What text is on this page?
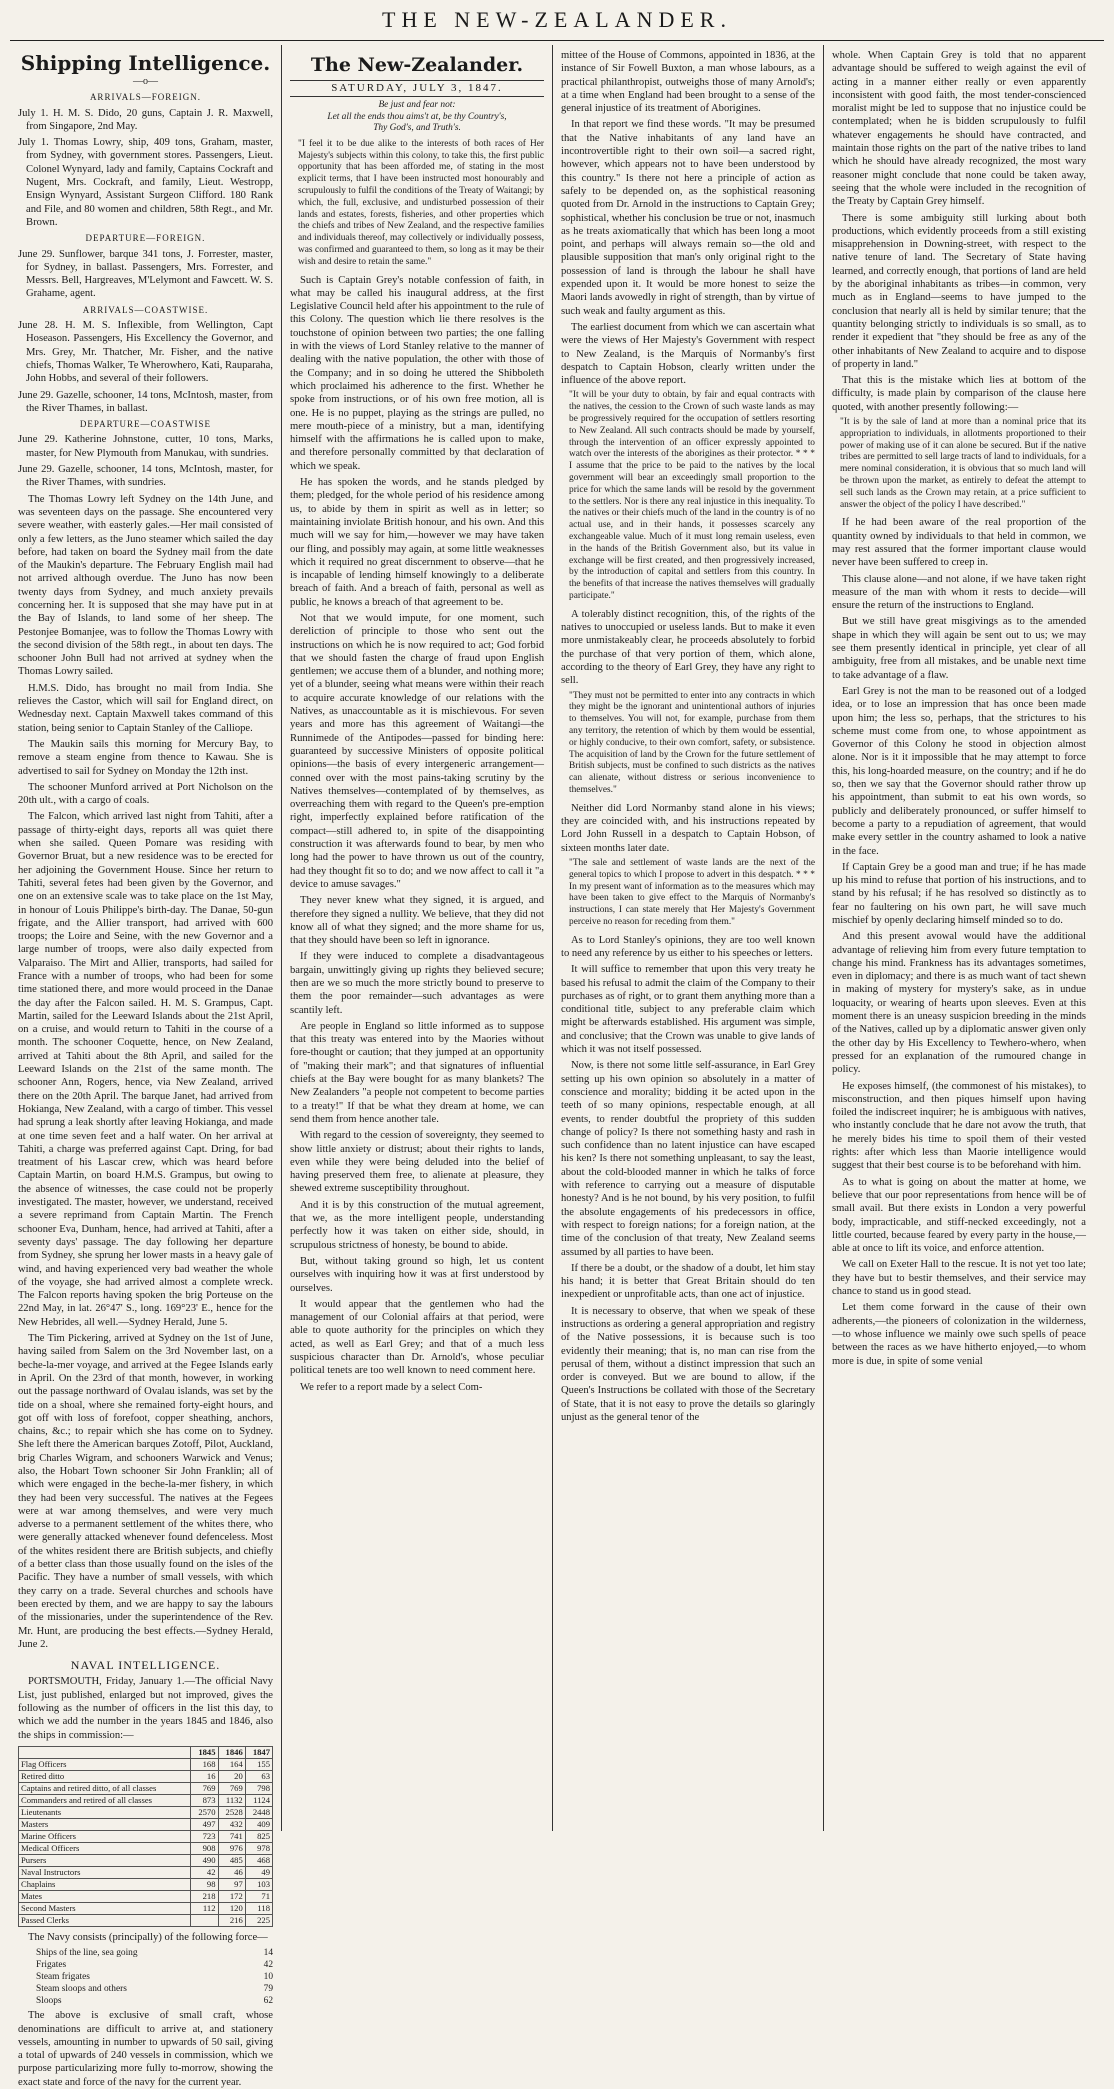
THE NEW-ZEALANDER.
Shipping Intelligence.
—o—
ARRIVALS—FOREIGN.
July 1. H. M. S. Dido, 20 guns, Captain J. R. Maxwell, from Singapore, 2nd May.
July 1. Thomas Lowry, ship, 409 tons, Graham, master, from Sydney, with government stores. Passengers, Lieut. Colonel Wynyard, lady and family, Captains Cockraft and Nugent, Mrs. Cockraft, and family, Lieut. Westropp, Ensign Wynyard, Assistant Surgeon Clifford. 180 Rank and File, and 80 women and children, 58th Regt., and Mr. Brown.
DEPARTURE—FOREIGN.
June 29. Sunflower, barque 341 tons, J. Forrester, master, for Sydney, in ballast. Passengers, Mrs. Forrester, and Messrs. Bell, Hargreaves, M'Lelymont and Fawcett. W. S. Grahame, agent.
ARRIVALS—COASTWISE.
June 28. H. M. S. Inflexible, from Wellington, Capt Hoseason. Passengers, His Excellency the Governor, and Mrs. Grey, Mr. Thatcher, Mr. Fisher, and the native chiefs, Thomas Walker, Te Wherowhero, Kati, Rauparaha, John Hobbs, and several of their followers.
June 29. Gazelle, schooner, 14 tons, McIntosh, master, from the River Thames, in ballast.
DEPARTURE—COASTWISE
June 29. Katherine Johnstone, cutter, 10 tons, Marks, master, for New Plymouth from Manukau, with sundries.
June 29. Gazelle, schooner, 14 tons, McIntosh, master, for the River Thames, with sundries.

The Thomas Lowry left Sydney on the 14th June, and was seventeen days on the passage. She encountered very severe weather, with easterly gales.—Her mail consisted of only a few letters, as the Juno steamer which sailed the day before, had taken on board the Sydney mail from the date of the Maukin's departure. The February English mail had not arrived although overdue. The Juno has now been twenty days from Sydney, and much anxiety prevails concerning her. It is supposed that she may have put in at the Bay of Islands, to land some of her sheep. The Pestonjee Bomanjee, was to follow the Thomas Lowry with the second division of the 58th regt., in about ten days. The schooner John Bull had not arrived at sydney when the Thomas Lowry sailed.

H.M.S. Dido, has brought no mail from India. She relieves the Castor, which will sail for England direct, on Wednesday next. Captain Maxwell takes command of this station, being senior to Captain Stanley of the Calliope.

The Maukin sails this morning for Mercury Bay, to remove a steam engine from thence to Kawau. She is advertised to sail for Sydney on Monday the 12th inst.

The schooner Munford arrived at Port Nicholson on the 20th ult., with a cargo of coals.

The Falcon, which arrived last night from Tahiti, after a passage of thirty-eight days, reports all was quiet there when she sailed. Queen Pomare was residing with Governor Bruat, but a new residence was to be erected for her adjoining the Government House. Since her return to Tahiti, several fetes had been given by the Governor, and one on an extensive scale was to take place on the 1st May, in honour of Louis Philippe's birth-day. The Danae, 50-gun frigate, and the Allier transport, had arrived with 600 troops; the Loire and Seine, with the new Governor and a large number of troops, were also daily expected from Valparaiso. The Mirt and Allier, transports, had sailed for France with a number of troops, who had been for some time stationed there, and more would proceed in the Danae the day after the Falcon sailed. H. M. S. Grampus, Capt. Martin, sailed for the Leeward Islands about the 21st April, on a cruise, and would return to Tahiti in the course of a month. The schooner Coquette, hence, on New Zealand, arrived at Tahiti about the 8th April, and sailed for the Leeward Islands on the 21st of the same month. The schooner Ann, Rogers, hence, via New Zealand, arrived there on the 20th April. The barque Janet, had arrived from Hokianga, New Zealand, with a cargo of timber. This vessel had sprung a leak shortly after leaving Hokianga, and made at one time seven feet and a half water. On her arrival at Tahiti, a charge was preferred against Capt. Dring, for bad treatment of his Lascar crew, which was heard before Captain Martin, on board H.M.S. Grampus, but owing to the absence of witnesses, the case could not be properly investigated. The master, however, we understand, received a severe reprimand from Captain Martin. The French schooner Eva, Dunham, hence, had arrived at Tahiti, after a seventy days' passage. The day following her departure from Sydney, she sprung her lower masts in a heavy gale of wind, and having experienced very bad weather the whole of the voyage, she had arrived almost a complete wreck. The Falcon reports having spoken the brig Porteuse on the 22nd May, in lat. 26°47' S., long. 169°23' E., hence for the New Hebrides, all well.—Sydney Herald, June 5.

The Tim Pickering, arrived at Sydney on the 1st of June, having sailed from Salem on the 3rd November last, on a beche-la-mer voyage, and arrived at the Fegee Islands early in April. On the 23rd of that month, however, in working out the passage northward of Ovalau islands, was set by the tide on a shoal, where she remained forty-eight hours, and got off with loss of forefoot, copper sheathing, anchors, chains, &c.; to repair which she has come on to Sydney. She left there the American barques Zotoff, Pilot, Auckland, brig Charles Wigram, and schooners Warwick and Venus; also, the Hobart Town schooner Sir John Franklin; all of which were engaged in the beche-la-mer fishery, in which they had been very successful. The natives at the Fegees were at war among themselves, and were very much adverse to a permanent settlement of the whites there, who were generally attacked whenever found defenceless. Most of the whites resident there are British subjects, and chiefly of a better class than those usually found on the isles of the Pacific. They have a number of small vessels, with which they carry on a trade. Several churches and schools have been erected by them, and we are happy to say the labours of the missionaries, under the superintendence of the Rev. Mr. Hunt, are producing the best effects.—Sydney Herald, June 2.

NAVAL INTELLIGENCE.

PORTSMOUTH, Friday, January 1.—The official Navy List, just published, enlarged but not improved, gives the following as the number of officers in the list this day, to which we add the number in the years 1845 and 1846, also the ships in commission:—

	1845	1846	1847
Flag Officers	168	164	155
Retired ditto	16	20	63
Captains and retired ditto, of all classes	769	769	798
Commanders and retired of all classes	873	1132	1124
Lieutenants	2570	2528	2448
Masters	497	432	409
Marine Officers	723	741	825
Medical Officers	908	976	978
Pursers	490	485	468
Naval Instructors	42	46	49
Chaplains	98	97	103
Mates	218	172	71
Second Masters	112	120	118
Passed Clerks		216	225

The Navy consists (principally) of the following force—

Ships of the line, sea going	14
Frigates	42
Steam frigates	10
Steam sloops and others	79
Sloops	62

The above is exclusive of small craft, whose denominations are difficult to arrive at, and stationery vessels, amounting in number to upwards of 50 sail, giving a total of upwards of 240 vessels in commission, which we purpose particularizing more fully to-morrow, showing the exact state and force of the navy for the current year.

The New-Zealander.
SATURDAY, JULY 3, 1847.
Be just and fear not:
Let all the ends thou aims't at, be thy Country's,
Thy God's, and Truth's.
"I feel it to be due alike to the interests of both races of Her Majesty's subjects within this colony, to take this, the first public opportunity that has been afforded me, of stating in the most explicit terms, that I have been instructed most honourably and scrupulously to fulfil the conditions of the Treaty of Waitangi; by which, the full, exclusive, and undisturbed possession of their lands and estates, forests, fisheries, and other properties which the chiefs and tribes of New Zealand, and the respective families and individuals thereof, may collectively or individually possess, was confirmed and guaranteed to them, so long as it may be their wish and desire to retain the same."

Such is Captain Grey's notable confession of faith, in what may be called his inaugural address, at the first Legislative Council held after his appointment to the rule of this Colony. The question which lie there resolves is the touchstone of opinion between two parties; the one falling in with the views of Lord Stanley relative to the manner of dealing with the native population, the other with those of the Company; and in so doing he uttered the Shibboleth which proclaimed his adherence to the first. Whether he spoke from instructions, or of his own free motion, all is one. He is no puppet, playing as the strings are pulled, no mere mouth-piece of a ministry, but a man, identifying himself with the affirmations he is called upon to make, and therefore personally committed by that declaration of which we speak.

He has spoken the words, and he stands pledged by them; pledged, for the whole period of his residence among us, to abide by them in spirit as well as in letter; so maintaining inviolate British honour, and his own. And this much will we say for him,—however we may have taken our fling, and possibly may again, at some little weaknesses which it required no great discernment to observe—that he is incapable of lending himself knowingly to a deliberate breach of faith. And a breach of faith, personal as well as public, he knows a breach of that agreement to be.

Not that we would impute, for one moment, such dereliction of principle to those who sent out the instructions on which he is now required to act; God forbid that we should fasten the charge of fraud upon English gentlemen; we accuse them of a blunder, and nothing more; yet of a blunder, seeing what means were within their reach to acquire accurate knowledge of our relations with the Natives, as unaccountable as it is mischievous. For seven years and more has this agreement of Waitangi—the Runnimede of the Antipodes—passed for binding here: guaranteed by successive Ministers of opposite political opinions—the basis of every intergeneric arrangement—conned over with the most pains-taking scrutiny by the Natives themselves—contemplated of by themselves, as overreaching them with regard to the Queen's pre-emption right, imperfectly explained before ratification of the compact—still adhered to, in spite of the disappointing construction it was afterwards found to bear, by men who long had the power to have thrown us out of the country, had they thought fit so to do; and we now affect to call it "a device to amuse savages."

They never knew what they signed, it is argued, and therefore they signed a nullity. We believe, that they did not know all of what they signed; and the more shame for us, that they should have been so left in ignorance.

If they were induced to complete a disadvantageous bargain, unwittingly giving up rights they believed secure; then are we so much the more strictly bound to preserve to them the poor remainder—such advantages as were scantily left.

Are people in England so little informed as to suppose that this treaty was entered into by the Maories without fore-thought or caution; that they jumped at an opportunity of "making their mark"; and that signatures of influential chiefs at the Bay were bought for as many blankets? The New Zealanders "a people not competent to become parties to a treaty!" If that be what they dream at home, we can send them from hence another tale.

With regard to the cession of sovereignty, they seemed to show little anxiety or distrust; about their rights to lands, even while they were being deluded into the belief of having preserved them free, to alienate at pleasure, they shewed extreme susceptibility throughout.

And it is by this construction of the mutual agreement, that we, as the more intelligent people, understanding perfectly how it was taken on either side, should, in scrupulous strictness of honesty, be bound to abide.

But, without taking ground so high, let us content ourselves with inquiring how it was at first understood by ourselves.

It would appear that the gentlemen who had the management of our Colonial affairs at that period, were able to quote authority for the principles on which they acted, as well as Earl Grey; and that of a much less suspicious character than Dr. Arnold's, whose peculiar political tenets are too well known to need comment here.

We refer to a report made by a select Com-

mittee of the House of Commons, appointed in 1836, at the instance of Sir Fowell Buxton, a man whose labours, as a practical philanthropist, outweighs those of many Arnold's; at a time when England had been brought to a sense of the general injustice of its treatment of Aborigines.

In that report we find these words. "It may be presumed that the Native inhabitants of any land have an incontrovertible right to their own soil—a sacred right, however, which appears not to have been understood by this country." Is there not here a principle of action as safely to be depended on, as the sophistical reasoning quoted from Dr. Arnold in the instructions to Captain Grey; sophistical, whether his conclusion be true or not, inasmuch as he treats axiomatically that which has been long a moot point, and perhaps will always remain so—the old and plausible supposition that man's only original right to the possession of land is through the labour he shall have expended upon it. It would be more honest to seize the Maori lands avowedly in right of strength, than by virtue of such weak and faulty argument as this.

The earliest document from which we can ascertain what were the views of Her Majesty's Government with respect to New Zealand, is the Marquis of Normanby's first despatch to Captain Hobson, clearly written under the influence of the above report.

"It will be your duty to obtain, by fair and equal contracts with the natives, the cession to the Crown of such waste lands as may be progressively required for the occupation of settlers resorting to New Zealand. All such contracts should be made by yourself, through the intervention of an officer expressly appointed to watch over the interests of the aborigines as their protector. * * * I assume that the price to be paid to the natives by the local government will bear an exceedingly small proportion to the price for which the same lands will be resold by the government to the settlers. Nor is there any real injustice in this inequality. To the natives or their chiefs much of the land in the country is of no actual use, and in their hands, it possesses scarcely any exchangeable value. Much of it must long remain useless, even in the hands of the British Government also, but its value in exchange will be first created, and then progressively increased, by the introduction of capital and settlers from this country. In the benefits of that increase the natives themselves will gradually participate."

A tolerably distinct recognition, this, of the rights of the natives to unoccupied or useless lands. But to make it even more unmistakeably clear, he proceeds absolutely to forbid the purchase of that very portion of them, which alone, according to the theory of Earl Grey, they have any right to sell.

"They must not be permitted to enter into any contracts in which they might be the ignorant and unintentional authors of injuries to themselves. You will not, for example, purchase from them any territory, the retention of which by them would be essential, or highly conducive, to their own comfort, safety, or subsistence. The acquisition of land by the Crown for the future settlement of British subjects, must be confined to such districts as the natives can alienate, without distress or serious inconvenience to themselves."

Neither did Lord Normanby stand alone in his views; they are coincided with, and his instructions repeated by Lord John Russell in a despatch to Captain Hobson, of sixteen months later date.

"The sale and settlement of waste lands are the next of the general topics to which I propose to advert in this despatch. * * * In my present want of information as to the measures which may have been taken to give effect to the Marquis of Normanby's instructions, I can state merely that Her Majesty's Government perceive no reason for receding from them."

As to Lord Stanley's opinions, they are too well known to need any reference by us either to his speeches or letters.

It will suffice to remember that upon this very treaty he based his refusal to admit the claim of the Company to their purchases as of right, or to grant them anything more than a conditional title, subject to any preferable claim which might be afterwards established. His argument was simple, and conclusive; that the Crown was unable to give lands of which it was not itself possessed.

Now, is there not some little self-assurance, in Earl Grey setting up his own opinion so absolutely in a matter of conscience and morality; bidding it be acted upon in the teeth of so many opinions, respectable enough, at all events, to render doubtful the propriety of this sudden change of policy? Is there not something hasty and rash in such confidence than no latent injustice can have escaped his ken? Is there not something unpleasant, to say the least, about the cold-blooded manner in which he talks of force with reference to carrying out a measure of disputable honesty? And is he not bound, by his very position, to fulfil the absolute engagements of his predecessors in office, with respect to foreign nations; for a foreign nation, at the time of the conclusion of that treaty, New Zealand seems assumed by all parties to have been.

If there be a doubt, or the shadow of a doubt, let him stay his hand; it is better that Great Britain should do ten inexpedient or unprofitable acts, than one act of injustice.

It is necessary to observe, that when we speak of these instructions as ordering a general appropriation and registry of the Native possessions, it is because such is too evidently their meaning; that is, no man can rise from the perusal of them, without a distinct impression that such an order is conveyed. But we are bound to allow, if the Queen's Instructions be collated with those of the Secretary of State, that it is not easy to prove the details so glaringly unjust as the general tenor of the

whole. When Captain Grey is told that no apparent advantage should be suffered to weigh against the evil of acting in a manner either really or even apparently inconsistent with good faith, the most tender-conscienced moralist might be led to suppose that no injustice could be contemplated; when he is bidden scrupulously to fulfil whatever engagements he should have contracted, and maintain those rights on the part of the native tribes to land which he should have already recognized, the most wary reasoner might conclude that none could be taken away, seeing that the whole were included in the recognition of the Treaty by Captain Grey himself.

There is some ambiguity still lurking about both productions, which evidently proceeds from a still existing misapprehension in Downing-street, with respect to the native tenure of land. The Secretary of State having learned, and correctly enough, that portions of land are held by the aboriginal inhabitants as tribes—in common, very much as in England—seems to have jumped to the conclusion that nearly all is held by similar tenure; that the quantity belonging strictly to individuals is so small, as to render it expedient that "they should be free as any of the other inhabitants of New Zealand to acquire and to dispose of property in land."

That this is the mistake which lies at bottom of the difficulty, is made plain by comparison of the clause here quoted, with another presently following:—

"It is by the sale of land at more than a nominal price that its appropriation to individuals, in allotments proportioned to their power of making use of it can alone be secured. But if the native tribes are permitted to sell large tracts of land to individuals, for a mere nominal consideration, it is obvious that so much land will be thrown upon the market, as entirely to defeat the attempt to sell such lands as the Crown may retain, at a price sufficient to answer the object of the policy I have described."

If he had been aware of the real proportion of the quantity owned by individuals to that held in common, we may rest assured that the former important clause would never have been suffered to creep in.

This clause alone—and not alone, if we have taken right measure of the man with whom it rests to decide—will ensure the return of the instructions to England.

But we still have great misgivings as to the amended shape in which they will again be sent out to us; we may see them presently identical in principle, yet clear of all ambiguity, free from all mistakes, and be unable next time to take advantage of a flaw.

Earl Grey is not the man to be reasoned out of a lodged idea, or to lose an impression that has once been made upon him; the less so, perhaps, that the strictures to his scheme must come from one, to whose appointment as Governor of this Colony he stood in objection almost alone. Nor is it it impossible that he may attempt to force this, his long-hoarded measure, on the country; and if he do so, then we say that the Governor should rather throw up his appointment, than submit to eat his own words, so publicly and deliberately pronounced, or suffer himself to become a party to a repudiation of agreement, that would make every settler in the country ashamed to look a native in the face.

If Captain Grey be a good man and true; if he has made up his mind to refuse that portion of his instructions, and to stand by his refusal; if he has resolved so distinctly as to fear no faultering on his own part, he will save much mischief by openly declaring himself minded so to do.

And this present avowal would have the additional advantage of relieving him from every future temptation to change his mind. Frankness has its advantages sometimes, even in diplomacy; and there is as much want of tact shewn in making of mystery for mystery's sake, as in undue loquacity, or wearing of hearts upon sleeves. Even at this moment there is an uneasy suspicion breeding in the minds of the Natives, called up by a diplomatic answer given only the other day by His Excellency to Tewhero-whero, when pressed for an explanation of the rumoured change in policy.

He exposes himself, (the commonest of his mistakes), to misconstruction, and then piques himself upon having foiled the indiscreet inquirer; he is ambiguous with natives, who instantly conclude that he dare not avow the truth, that he merely bides his time to spoil them of their vested rights: after which less than Maorie intelligence would suggest that their best course is to be beforehand with him.

As to what is going on about the matter at home, we believe that our poor representations from hence will be of small avail. But there exists in London a very powerful body, impracticable, and stiff-necked exceedingly, not a little courted, because feared by every party in the house,—able at once to lift its voice, and enforce attention.

We call on Exeter Hall to the rescue. It is not yet too late; they have but to bestir themselves, and their service may chance to stand us in good stead.

Let them come forward in the cause of their own adherents,—the pioneers of colonization in the wilderness,—to whose influence we mainly owe such spells of peace between the races as we have hitherto enjoyed,—to whom more is due, in spite of some venial
